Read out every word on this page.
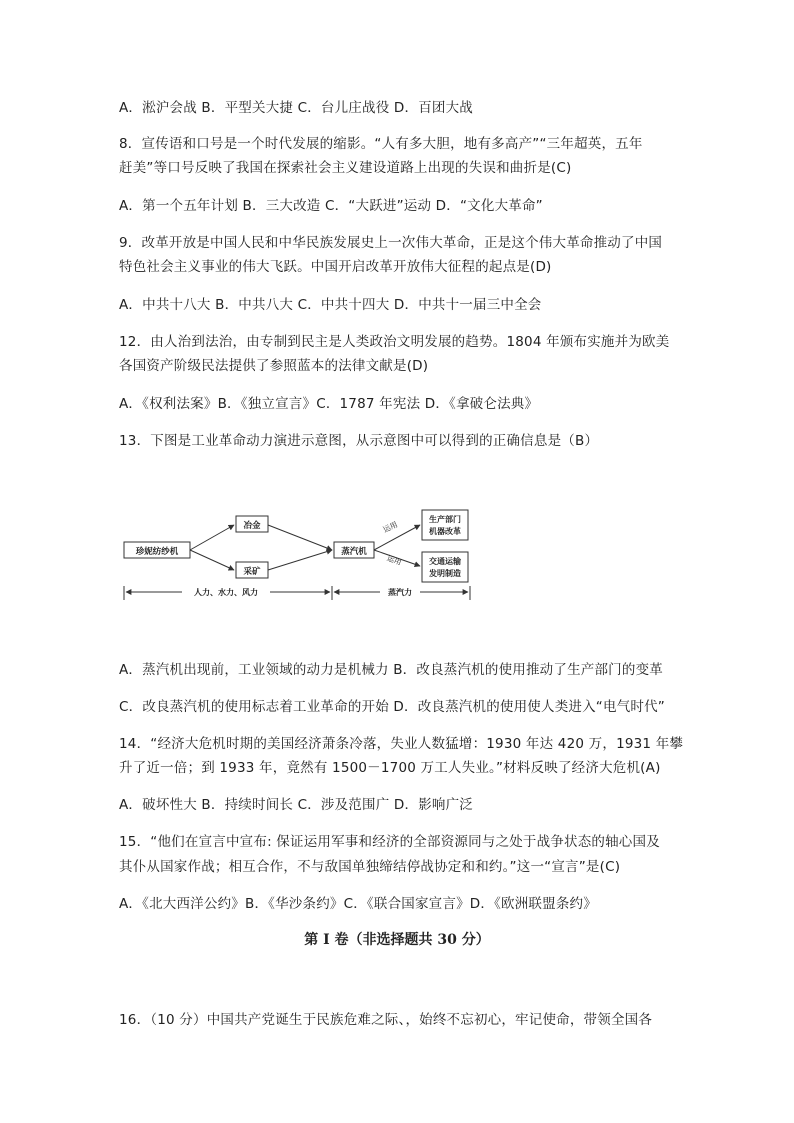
A．淞沪会战 B．平型关大捷 C．台儿庄战役 D．百团大战
8．宣传语和口号是一个时代发展的缩影。“人有多大胆，地有多高产”“三年超英，五年
赶美”等口号反映了我国在探索社会主义建设道路上出现的失误和曲折是(C)
A．第一个五年计划 B．三大改造 C．“大跃进”运动 D．“文化大革命”
9．改革开放是中国人民和中华民族发展史上一次伟大革命，正是这个伟大革命推动了中国
特色社会主义事业的伟大飞跃。中国开启改革开放伟大征程的起点是(D)
A．中共十八大 B．中共八大 C．中共十四大 D．中共十一届三中全会
12．由人治到法治，由专制到民主是人类政治文明发展的趋势。1804 年颁布实施并为欧美
各国资产阶级民法提供了参照蓝本的法律文献是(D)
A．《权利法案》B．《独立宣言》C．1787 年宪法 D．《拿破仑法典》
13．下图是工业革命动力演进示意图，从示意图中可以得到的正确信息是（B）
珍妮纺纱机
冶金
采矿
蒸汽机
生产部门
机器改革
交通运输
发明制造
运用
运用
人力、水力、风力	蒸汽力
A．蒸汽机出现前，工业领域的动力是机械力 B．改良蒸汽机的使用推动了生产部门的变革
C．改良蒸汽机的使用标志着工业革命的开始 D．改良蒸汽机的使用使人类进入“电气时代”
14．“经济大危机时期的美国经济萧条冷落，失业人数猛增：1930 年达 420 万，1931 年攀
升了近一倍；到 1933 年，竟然有 1500－1700 万工人失业。”材料反映了经济大危机(A)
A．破坏性大 B．持续时间长 C．涉及范围广 D．影响广泛
15．“他们在宣言中宣布: 保证运用军事和经济的全部资源同与之处于战争状态的轴心国及
其仆从国家作战；相互合作，不与敌国单独缔结停战协定和和约。”这一“宣言”是(C)
A．《北大西洋公约》B．《华沙条约》C．《联合国家宣言》D．《欧洲联盟条约》
第 I 卷（非选择题共 30 分）
16．（10 分）中国共产党诞生于民族危难之际、，始终不忘初心，牢记使命，带领全国各
